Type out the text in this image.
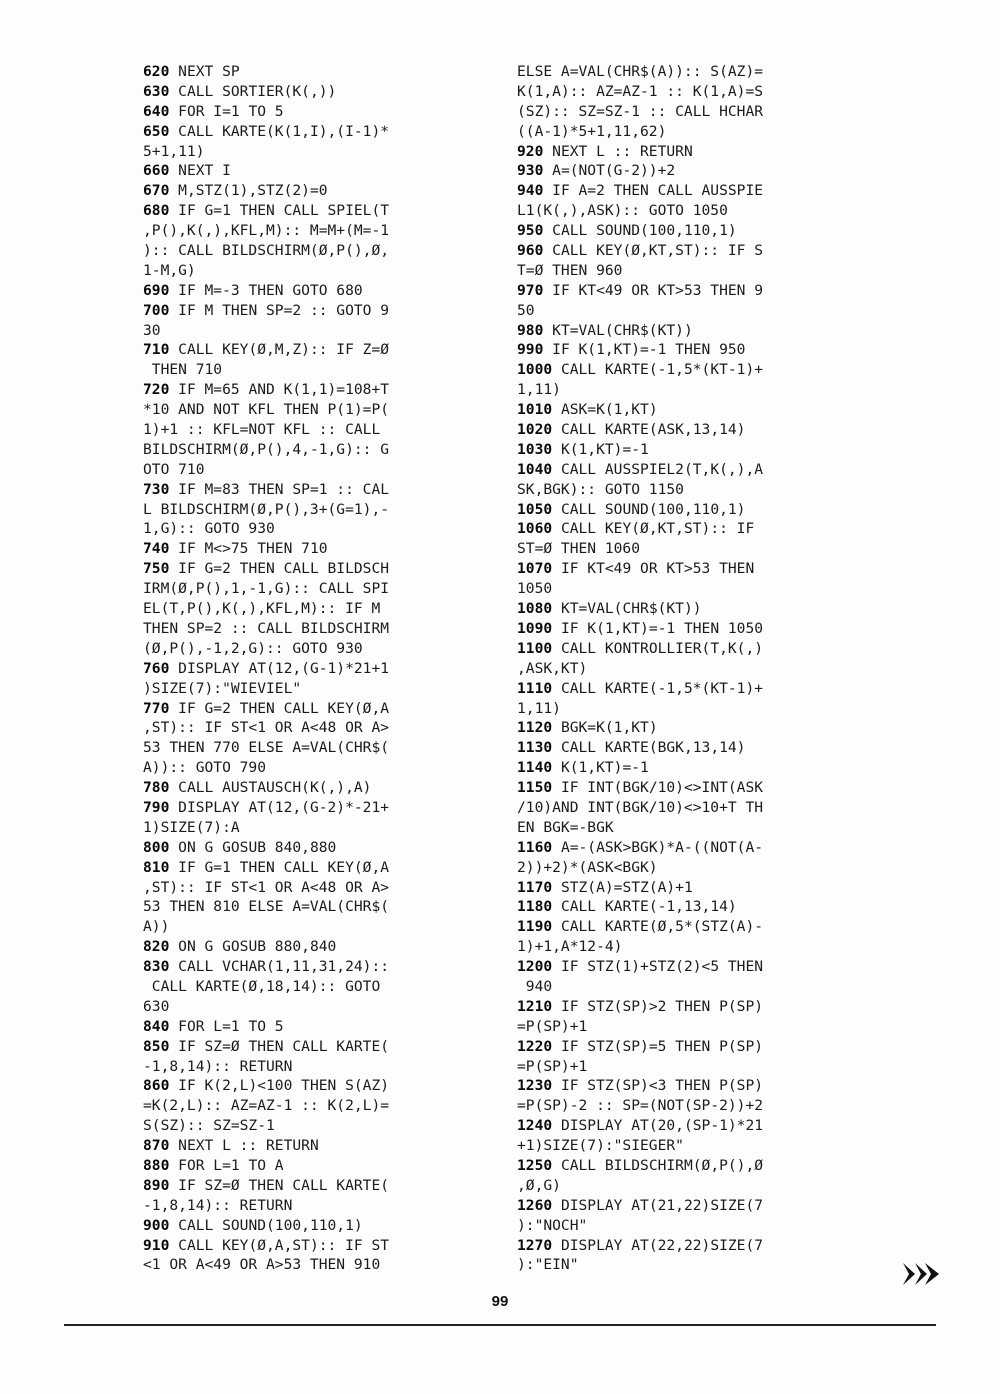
620 NEXT SP
630 CALL SORTIER(K(,))
640 FOR I=1 TO 5
650 CALL KARTE(K(1,I),(I-1)*
5+1,11)
660 NEXT I
670 M,STZ(1),STZ(2)=0
680 IF G=1 THEN CALL SPIEL(T
,P(),K(,),KFL,M):: M=M+(M=-1
):: CALL BILDSCHIRM(Ø,P(),Ø,
1-M,G)
690 IF M=-3 THEN GOTO 680
700 IF M THEN SP=2 :: GOTO 9
30
710 CALL KEY(Ø,M,Z):: IF Z=Ø
THEN 710
720 IF M=65 AND K(1,1)=108+T
*10 AND NOT KFL THEN P(1)=P(
1)+1 :: KFL=NOT KFL :: CALL
BILDSCHIRM(Ø,P(),4,-1,G):: G
OTO 710
730 IF M=83 THEN SP=1 :: CAL
L BILDSCHIRM(Ø,P(),3+(G=1),-
1,G):: GOTO 930
740 IF M<>75 THEN 710
750 IF G=2 THEN CALL BILDSCH
IRM(Ø,P(),1,-1,G):: CALL SPI
EL(T,P(),K(,),KFL,M):: IF M
THEN SP=2 :: CALL BILDSCHIRM
(Ø,P(),-1,2,G):: GOTO 930
760 DISPLAY AT(12,(G-1)*21+1
)SIZE(7):"WIEVIEL"
770 IF G=2 THEN CALL KEY(Ø,A
,ST):: IF ST<1 OR A<48 OR A>
53 THEN 770 ELSE A=VAL(CHR$(
A)):: GOTO 790
780 CALL AUSTAUSCH(K(,),A)
790 DISPLAY AT(12,(G-2)*-21+
1)SIZE(7):A
800 ON G GOSUB 840,880
810 IF G=1 THEN CALL KEY(Ø,A
,ST):: IF ST<1 OR A<48 OR A>
53 THEN 810 ELSE A=VAL(CHR$(
A))
820 ON G GOSUB 880,840
830 CALL VCHAR(1,11,31,24)::
CALL KARTE(Ø,18,14):: GOTO
630
840 FOR L=1 TO 5
850 IF SZ=Ø THEN CALL KARTE(
-1,8,14):: RETURN
860 IF K(2,L)<100 THEN S(AZ)
=K(2,L):: AZ=AZ-1 :: K(2,L)=
S(SZ):: SZ=SZ-1
870 NEXT L :: RETURN
880 FOR L=1 TO A
890 IF SZ=Ø THEN CALL KARTE(
-1,8,14):: RETURN
900 CALL SOUND(100,110,1)
910 CALL KEY(Ø,A,ST):: IF ST
<1 OR A<49 OR A>53 THEN 910
ELSE A=VAL(CHR$(A)):: S(AZ)=
K(1,A):: AZ=AZ-1 :: K(1,A)=S
(SZ):: SZ=SZ-1 :: CALL HCHAR
((A-1)*5+1,11,62)
920 NEXT L :: RETURN
930 A=(NOT(G-2))+2
940 IF A=2 THEN CALL AUSSPIE
L1(K(,),ASK):: GOTO 1050
950 CALL SOUND(100,110,1)
960 CALL KEY(Ø,KT,ST):: IF S
T=Ø THEN 960
970 IF KT<49 OR KT>53 THEN 9
50
980 KT=VAL(CHR$(KT))
990 IF K(1,KT)=-1 THEN 950
1000 CALL KARTE(-1,5*(KT-1)+
1,11)
1010 ASK=K(1,KT)
1020 CALL KARTE(ASK,13,14)
1030 K(1,KT)=-1
1040 CALL AUSSPIEL2(T,K(,),A
SK,BGK):: GOTO 1150
1050 CALL SOUND(100,110,1)
1060 CALL KEY(Ø,KT,ST):: IF
ST=Ø THEN 1060
1070 IF KT<49 OR KT>53 THEN
1050
1080 KT=VAL(CHR$(KT))
1090 IF K(1,KT)=-1 THEN 1050
1100 CALL KONTROLLIER(T,K(,)
,ASK,KT)
1110 CALL KARTE(-1,5*(KT-1)+
1,11)
1120 BGK=K(1,KT)
1130 CALL KARTE(BGK,13,14)
1140 K(1,KT)=-1
1150 IF INT(BGK/10)<>INT(ASK
/10)AND INT(BGK/10)<>10+T TH
EN BGK=-BGK
1160 A=-(ASK>BGK)*A-((NOT(A-
2))+2)*(ASK<BGK)
1170 STZ(A)=STZ(A)+1
1180 CALL KARTE(-1,13,14)
1190 CALL KARTE(Ø,5*(STZ(A)-
1)+1,A*12-4)
1200 IF STZ(1)+STZ(2)<5 THEN
940
1210 IF STZ(SP)>2 THEN P(SP)
=P(SP)+1
1220 IF STZ(SP)=5 THEN P(SP)
=P(SP)+1
1230 IF STZ(SP)<3 THEN P(SP)
=P(SP)-2 :: SP=(NOT(SP-2))+2
1240 DISPLAY AT(20,(SP-1)*21
+1)SIZE(7):"SIEGER"
1250 CALL BILDSCHIRM(Ø,P(),Ø
,Ø,G)
1260 DISPLAY AT(21,22)SIZE(7
):"NOCH"
1270 DISPLAY AT(22,22)SIZE(7
):"EIN"
99
